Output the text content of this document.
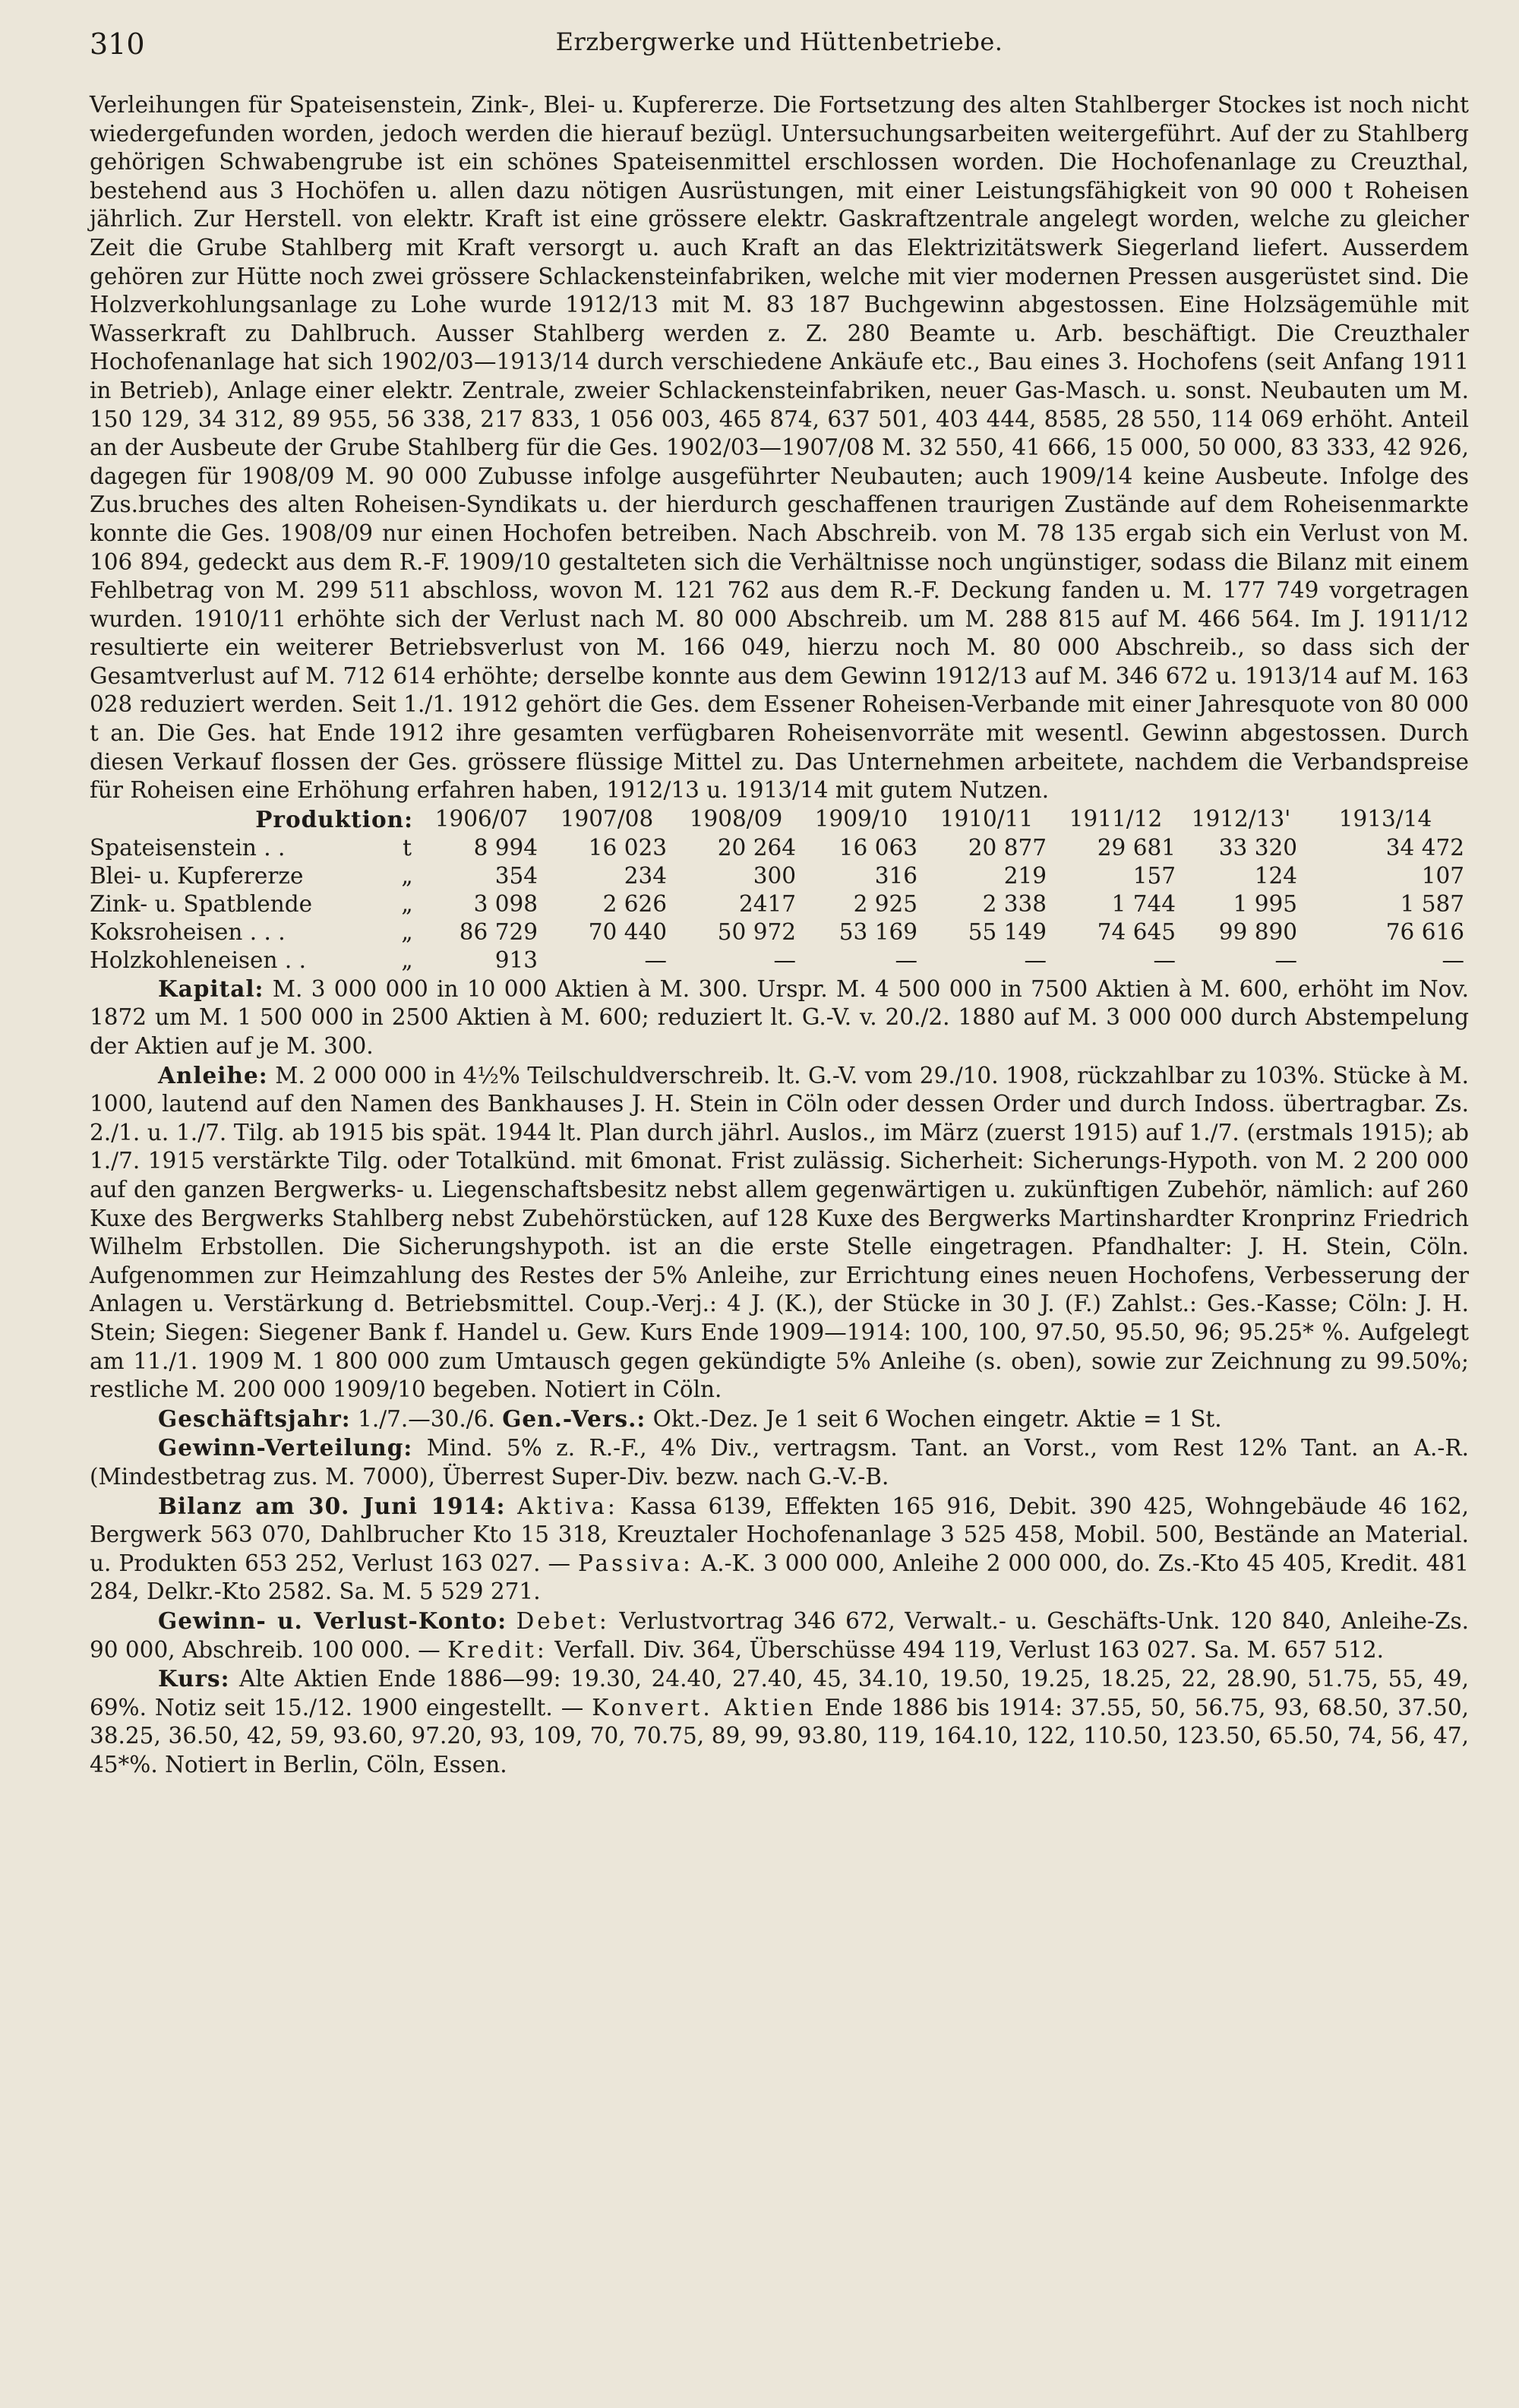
310	Erzbergwerke und Hüttenbetriebe.

Verleihungen für Spateisenstein, Zink-, Blei- u. Kupfererze. Die Fortsetzung des alten Stahlberger Stockes ist noch nicht wiedergefunden worden, jedoch werden die hierauf bezügl. Untersuchungsarbeiten weitergeführt. Auf der zu Stahlberg gehörigen Schwabengrube ist ein schönes Spateisenmittel erschlossen worden. Die Hochofenanlage zu Creuzthal, bestehend aus 3 Hochöfen u. allen dazu nötigen Ausrüstungen, mit einer Leistungsfähigkeit von 90 000 t Roheisen jährlich. Zur Herstell. von elektr. Kraft ist eine grössere elektr. Gaskraftzentrale angelegt worden, welche zu gleicher Zeit die Grube Stahlberg mit Kraft versorgt u. auch Kraft an das Elektrizitätswerk Siegerland liefert. Ausserdem gehören zur Hütte noch zwei grössere Schlackensteinfabriken, welche mit vier modernen Pressen ausgerüstet sind. Die Holzverkohlungsanlage zu Lohe wurde 1912/13 mit M. 83 187 Buchgewinn abgestossen. Eine Holzsägemühle mit Wasserkraft zu Dahlbruch. Ausser Stahlberg werden z. Z. 280 Beamte u. Arb. beschäftigt. Die Creuzthaler Hochofenanlage hat sich 1902/03—1913/14 durch verschiedene Ankäufe etc., Bau eines 3. Hochofens (seit Anfang 1911 in Betrieb), Anlage einer elektr. Zentrale, zweier Schlackensteinfabriken, neuer Gas-Masch. u. sonst. Neubauten um M. 150 129, 34 312, 89 955, 56 338, 217 833, 1 056 003, 465 874, 637 501, 403 444, 8585, 28 550, 114 069 erhöht. Anteil an der Ausbeute der Grube Stahlberg für die Ges. 1902/03—1907/08 M. 32 550, 41 666, 15 000, 50 000, 83 333, 42 926, dagegen für 1908/09 M. 90 000 Zubusse infolge ausgeführter Neubauten; auch 1909/14 keine Ausbeute. Infolge des Zus.bruches des alten Roheisen-Syndikats u. der hierdurch geschaffenen traurigen Zustände auf dem Roheisenmarkte konnte die Ges. 1908/09 nur einen Hochofen betreiben. Nach Abschreib. von M. 78 135 ergab sich ein Verlust von M. 106 894, gedeckt aus dem R.-F. 1909/10 gestalteten sich die Verhältnisse noch ungünstiger, sodass die Bilanz mit einem Fehlbetrag von M. 299 511 abschloss, wovon M. 121 762 aus dem R.-F. Deckung fanden u. M. 177 749 vorgetragen wurden. 1910/11 erhöhte sich der Verlust nach M. 80 000 Abschreib. um M. 288 815 auf M. 466 564. Im J. 1911/12 resultierte ein weiterer Betriebsverlust von M. 166 049, hierzu noch M. 80 000 Abschreib., so dass sich der Gesamtverlust auf M. 712 614 erhöhte; derselbe konnte aus dem Gewinn 1912/13 auf M. 346 672 u. 1913/14 auf M. 163 028 reduziert werden. Seit 1./1. 1912 gehört die Ges. dem Essener Roheisen-Verbande mit einer Jahresquote von 80 000 t an. Die Ges. hat Ende 1912 ihre gesamten verfügbaren Roheisenvorräte mit wesentl. Gewinn abgestossen. Durch diesen Verkauf flossen der Ges. grössere flüssige Mittel zu. Das Unternehmen arbeitete, nachdem die Verbandspreise für Roheisen eine Erhöhung erfahren haben, 1912/13 u. 1913/14 mit gutem Nutzen.

Produktion:		1906/07	1907/08	1908/09	1909/10	1910/11	1911/12	1912/13'	1913/14
Spateisenstein . .	t	8 994	16 023	20 264	16 063	20 877	29 681	33 320	34 472
Blei- u. Kupfererze	„	354	234	300	316	219	157	124	107
Zink- u. Spatblende	„	3 098	2 626	2417	2 925	2 338	1 744	1 995	1 587
Koksroheisen . . .	„	86 729	70 440	50 972	53 169	55 149	74 645	99 890	76 616
Holzkohleneisen . .	„	913	—	—	—	—	—	—	—

Kapital: M. 3 000 000 in 10 000 Aktien à M. 300. Urspr. M. 4 500 000 in 7500 Aktien à M. 600, erhöht im Nov. 1872 um M. 1 500 000 in 2500 Aktien à M. 600; reduziert lt. G.-V. v. 20./2. 1880 auf M. 3 000 000 durch Abstempelung der Aktien auf je M. 300.

Anleihe: M. 2 000 000 in 4½% Teilschuldverschreib. lt. G.-V. vom 29./10. 1908, rückzahlbar zu 103%. Stücke à M. 1000, lautend auf den Namen des Bankhauses J. H. Stein in Cöln oder dessen Order und durch Indoss. übertragbar. Zs. 2./1. u. 1./7. Tilg. ab 1915 bis spät. 1944 lt. Plan durch jährl. Auslos., im März (zuerst 1915) auf 1./7. (erstmals 1915); ab 1./7. 1915 verstärkte Tilg. oder Totalkünd. mit 6monat. Frist zulässig. Sicherheit: Sicherungs-Hypoth. von M. 2 200 000 auf den ganzen Bergwerks- u. Liegenschaftsbesitz nebst allem gegenwärtigen u. zukünftigen Zubehör, nämlich: auf 260 Kuxe des Bergwerks Stahlberg nebst Zubehörstücken, auf 128 Kuxe des Bergwerks Martinshardter Kronprinz Friedrich Wilhelm Erbstollen. Die Sicherungshypoth. ist an die erste Stelle eingetragen. Pfandhalter: J. H. Stein, Cöln. Aufgenommen zur Heimzahlung des Restes der 5% Anleihe, zur Errichtung eines neuen Hochofens, Verbesserung der Anlagen u. Verstärkung d. Betriebsmittel. Coup.-Verj.: 4 J. (K.), der Stücke in 30 J. (F.) Zahlst.: Ges.-Kasse; Cöln: J. H. Stein; Siegen: Siegener Bank f. Handel u. Gew. Kurs Ende 1909—1914: 100, 100, 97.50, 95.50, 96; 95.25* %. Aufgelegt am 11./1. 1909 M. 1 800 000 zum Umtausch gegen gekündigte 5% Anleihe (s. oben), sowie zur Zeichnung zu 99.50%; restliche M. 200 000 1909/10 begeben. Notiert in Cöln.

Geschäftsjahr: 1./7.—30./6. Gen.-Vers.: Okt.-Dez. Je 1 seit 6 Wochen eingetr. Aktie = 1 St.

Gewinn-Verteilung: Mind. 5% z. R.-F., 4% Div., vertragsm. Tant. an Vorst., vom Rest 12% Tant. an A.-R. (Mindestbetrag zus. M. 7000), Überrest Super-Div. bezw. nach G.-V.-B.

Bilanz am 30. Juni 1914: Aktiva: Kassa 6139, Effekten 165 916, Debit. 390 425, Wohngebäude 46 162, Bergwerk 563 070, Dahlbrucher Kto 15 318, Kreuztaler Hochofenanlage 3 525 458, Mobil. 500, Bestände an Material. u. Produkten 653 252, Verlust 163 027. — Passiva: A.-K. 3 000 000, Anleihe 2 000 000, do. Zs.-Kto 45 405, Kredit. 481 284, Delkr.-Kto 2582. Sa. M. 5 529 271.

Gewinn- u. Verlust-Konto: Debet: Verlustvortrag 346 672, Verwalt.- u. Geschäfts-Unk. 120 840, Anleihe-Zs. 90 000, Abschreib. 100 000. — Kredit: Verfall. Div. 364, Überschüsse 494 119, Verlust 163 027. Sa. M. 657 512.

Kurs: Alte Aktien Ende 1886—99: 19.30, 24.40, 27.40, 45, 34.10, 19.50, 19.25, 18.25, 22, 28.90, 51.75, 55, 49, 69%. Notiz seit 15./12. 1900 eingestellt. — Konvert. Aktien Ende 1886 bis 1914: 37.55, 50, 56.75, 93, 68.50, 37.50, 38.25, 36.50, 42, 59, 93.60, 97.20, 93, 109, 70, 70.75, 89, 99, 93.80, 119, 164.10, 122, 110.50, 123.50, 65.50, 74, 56, 47, 45*%. Notiert in Berlin, Cöln, Essen.
